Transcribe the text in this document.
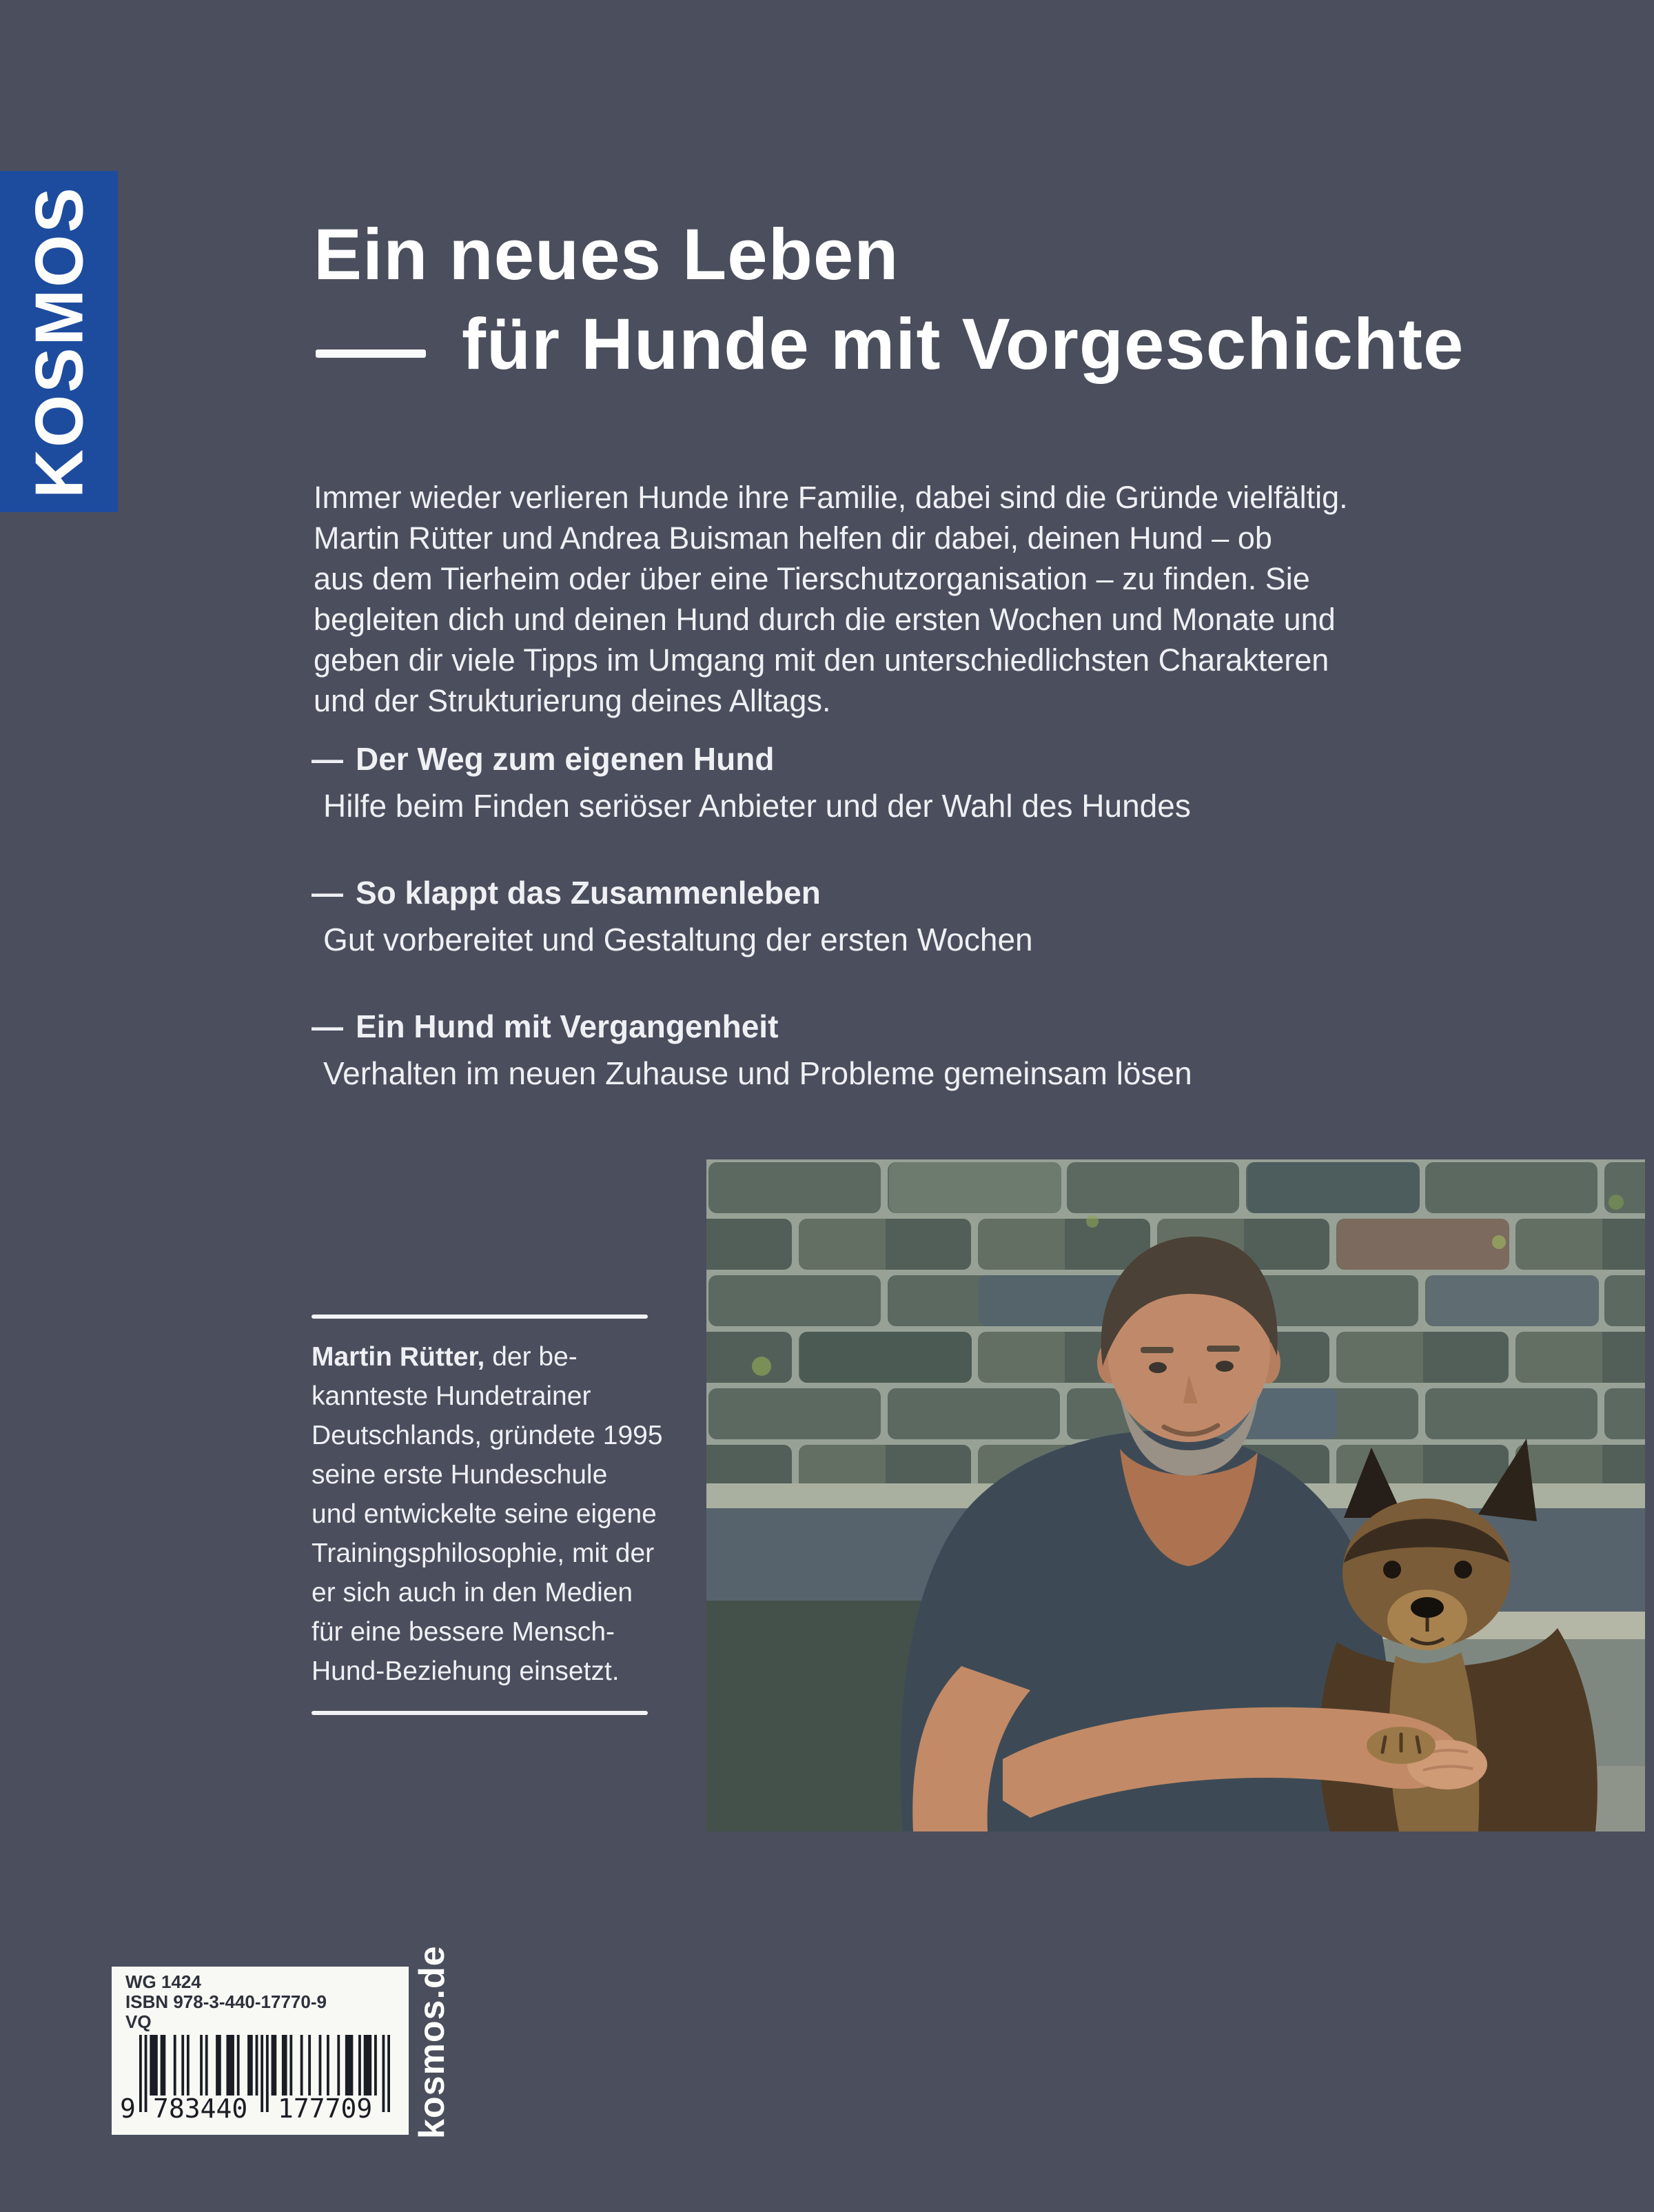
KOSMOS	Ein neues Leben
für Hunde mit Vorgeschichte
Immer wieder verlieren Hunde ihre Familie, dabei sind die Gründe vielfältig.
Martin Rütter und Andrea Buisman helfen dir dabei, deinen Hund – ob
aus dem Tierheim oder über eine Tierschutzorganisation – zu finden. Sie
begleiten dich und deinen Hund durch die ersten Wochen und Monate und
geben dir viele Tipps im Umgang mit den unterschiedlichsten Charakteren
und der Strukturierung deines Alltags.
— Der Weg zum eigenen Hund
Hilfe beim Finden seriöser Anbieter und der Wahl des Hundes
— So klappt das Zusammenleben
Gut vorbereitet und Gestaltung der ersten Wochen
— Ein Hund mit Vergangenheit
Verhalten im neuen Zuhause und Probleme gemeinsam lösen
Martin Rütter, der be-
kannteste Hundetrainer
Deutschlands, gründete 1995
seine erste Hundeschule
und entwickelte seine eigene
Trainingsphilosophie, mit der
er sich auch in den Medien
für eine bessere Mensch-
Hund-Beziehung einsetzt.
WG 1424
ISBN 978-3-440-17770-9
VQ
9 783440 177709 kosmos.de
